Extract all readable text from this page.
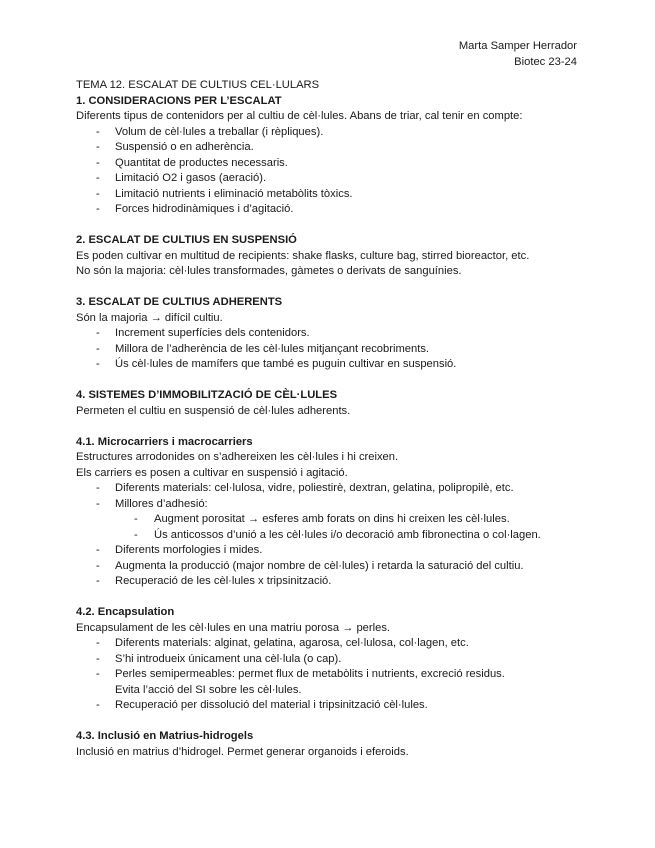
Marta Samper Herrador
Biotec 23-24
TEMA 12. ESCALAT DE CULTIUS CEL·LULARS
1. CONSIDERACIONS PER L’ESCALAT
Diferents tipus de contenidors per al cultiu de cèl·lules. Abans de triar, cal tenir en compte:
- Volum de cèl·lules a treballar (i rèpliques).
- Suspensió o en adherència.
- Quantitat de productes necessaris.
- Limitació O2 i gasos (aeració).
- Limitació nutrients i eliminació metabòlits tòxics.
- Forces hidrodinàmiques i d’agitació.
2. ESCALAT DE CULTIUS EN SUSPENSIÓ
Es poden cultivar en multitud de recipients: shake flasks, culture bag, stirred bioreactor, etc.
No són la majoria: cèl·lules transformades, gàmetes o derivats de sanguínies.
3. ESCALAT DE CULTIUS ADHERENTS
Són la majoria → difícil cultiu.
- Increment superfícies dels contenidors.
- Millora de l’adherència de les cèl·lules mitjançant recobriments.
- Ús cèl·lules de mamífers que també es puguin cultivar en suspensió.
4. SISTEMES D’IMMOBILITZACIÓ DE CÈL·LULES
Permeten el cultiu en suspensió de cèl·lules adherents.
4.1. Microcarriers i macrocarriers
Estructures arrodonides on s’adhereixen les cèl·lules i hi creixen.
Els carriers es posen a cultivar en suspensió i agitació.
- Diferents materials: cel·lulosa, vidre, poliestirè, dextran, gelatina, polipropilè, etc.
- Millores d’adhesió:
- Augment porositat → esferes amb forats on dins hi creixen les cèl·lules.
- Ús anticossos d’unió a les cèl·lules i/o decoració amb fibronectina o col·lagen.
- Diferents morfologies i mides.
- Augmenta la producció (major nombre de cèl·lules) i retarda la saturació del cultiu.
- Recuperació de les cèl·lules x tripsinització.
4.2. Encapsulation
Encapsulament de les cèl·lules en una matriu porosa → perles.
- Diferents materials: alginat, gelatina, agarosa, cel·lulosa, col·lagen, etc.
- S’hi introdueix únicament una cèl·lula (o cap).
- Perles semipermeables: permet flux de metabòlits i nutrients, excreció residus.
Evita l’acció del SI sobre les cèl·lules.
- Recuperació per dissolució del material i tripsinització cèl·lules.
4.3. Inclusió en Matrius-hidrogels
Inclusió en matrius d’hidrogel. Permet generar organoids i eferoids.
